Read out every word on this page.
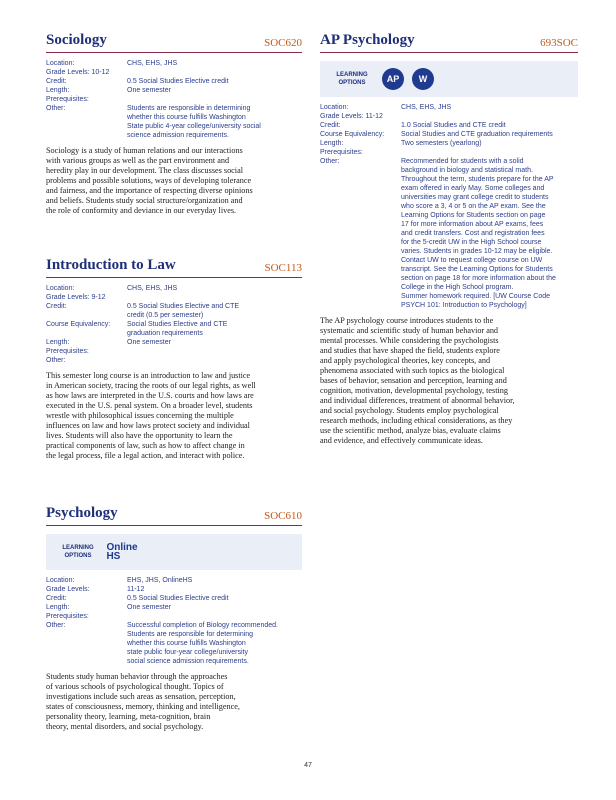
Sociology	SOC620
Location:	CHS, EHS, JHS
Grade Levels: 10-12
Credit:	0.5 Social Studies Elective credit
Length:	One semester
Prerequisites:
Other:	Students are responsible in determining
whether this course fulfills Washington
State public 4-year college/university social
science admission requirements.
Sociology is a study of human relations and our interactions
with various groups as well as the part environment and
heredity play in our development. The class discusses social
problems and possible solutions, ways of developing tolerance
and fairness, and the importance of respecting diverse opinions
and beliefs. Students study social structure/organization and
the role of conformity and deviance in our everyday lives.
Introduction to Law	SOC113
Location:	CHS, EHS, JHS
Grade Levels: 9-12
Credit:	0.5 Social Studies Elective and CTE
credit (0.5 per semester)
Course Equivalency:	Social Studies Elective and CTE
graduation requirements
Length:	One semester
Prerequisites:
Other:
This semester long course is an introduction to law and justice
in American society, tracing the roots of our legal rights, as well
as how laws are interpreted in the U.S. courts and how laws are
executed in the U.S. penal system. On a broader level, students
wrestle with philosophical issues concerning the multiple
influences on law and how laws protect society and individual
lives. Students will also have the opportunity to learn the
practical components of law, such as how to affect change in
the legal process, file a legal action, and interact with police.
Psychology	SOC610
LEARNING OPTIONS
Online HS
Location:	EHS, JHS, OnlineHS
Grade Levels:	11-12
Credit:	0.5 Social Studies Elective credit
Length:	One semester
Prerequisites:
Other:	Successful completion of Biology recommended.
Students are responsible for determining
whether this course fulfills Washington
state public four-year college/university
social science admission requirements.
Students study human behavior through the approaches
of various schools of psychological thought. Topics of
investigations include such areas as sensation, perception,
states of consciousness, memory, thinking and intelligence,
personality theory, learning, meta-cognition, brain
theory, mental disorders, and social psychology.
AP Psychology	693SOC
LEARNING OPTIONS	AP	W
Location:	CHS, EHS, JHS
Grade Levels: 11-12
Credit:	1.0 Social Studies and CTE credit
Course Equivalency:	Social Studies and CTE graduation requirements
Length:	Two semesters (yearlong)
Prerequisites:
Other:	Recommended for students with a solid
background in biology and statistical math.
Throughout the term, students prepare for the AP
exam offered in early May. Some colleges and
universities may grant college credit to students
who score a 3, 4 or 5 on the AP exam. See the
Learning Options for Students section on page
17 for more information about AP exams, fees
and credit transfers. Cost and registration fees
for the 5-credit UW in the High School course
varies. Students in grades 10-12 may be eligible.
Contact UW to request college course on UW
transcript. See the Learning Options for Students
section on page 18 for more information about the
College in the High School program.
Summer homework required. [UW Course Code
PSYCH 101: Introduction to Psychology]
The AP psychology course introduces students to the
systematic and scientific study of human behavior and
mental processes. While considering the psychologists
and studies that have shaped the field, students explore
and apply psychological theories, key concepts, and
phenomena associated with such topics as the biological
bases of behavior, sensation and perception, learning and
cognition, motivation, developmental psychology, testing
and individual differences, treatment of abnormal behavior,
and social psychology. Students employ psychological
research methods, including ethical considerations, as they
use the scientific method, analyze bias, evaluate claims
and evidence, and effectively communicate ideas.
47
